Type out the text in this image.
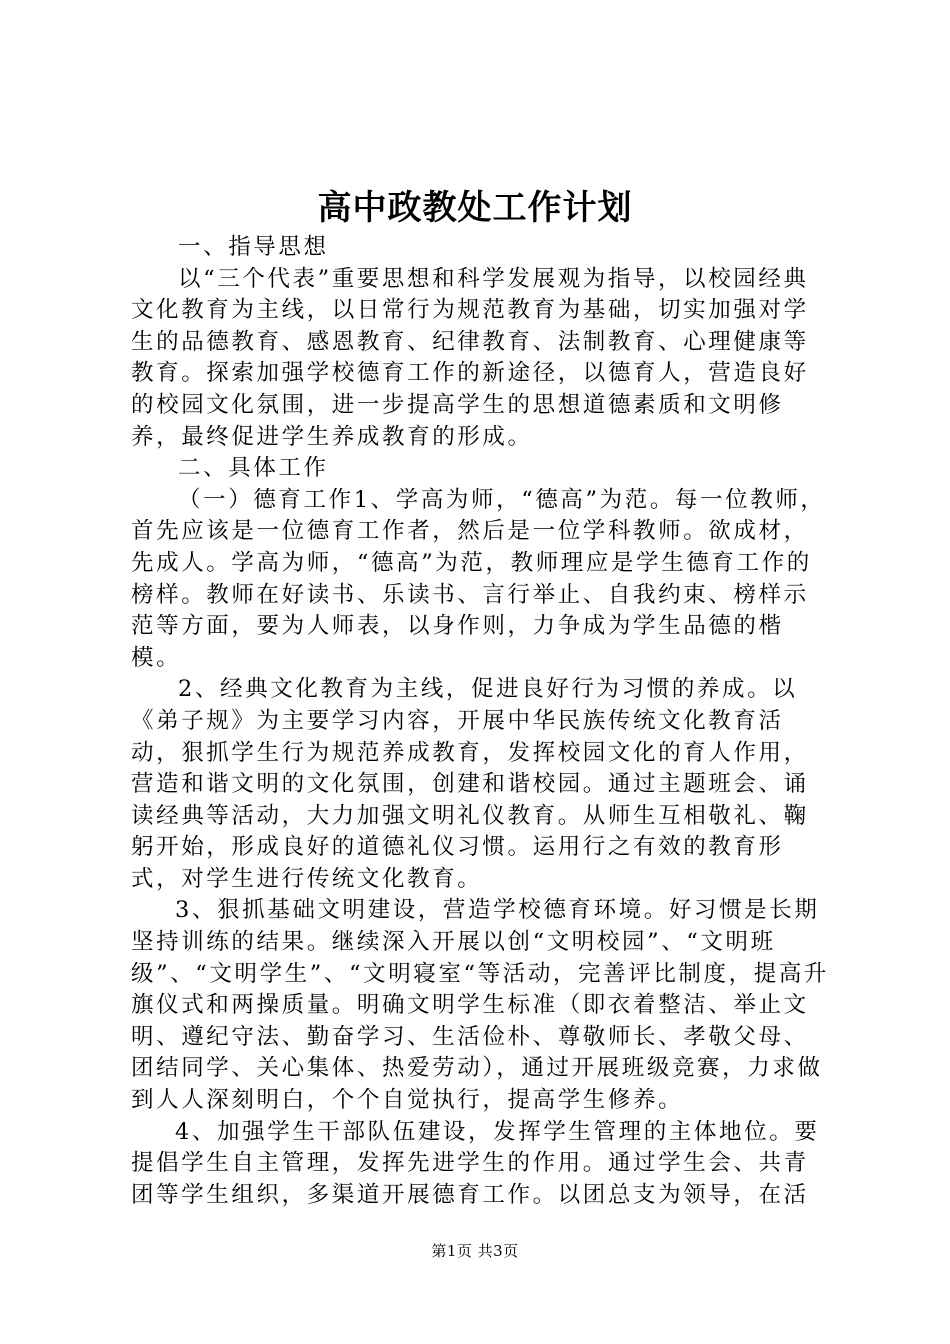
高中政教处工作计划

一、指导思想

以“三个代表”重要思想和科学发展观为指导，以校园经典文化教育为主线，以日常行为规范教育为基础，切实加强对学生的品德教育、感恩教育、纪律教育、法制教育、心理健康等教育。探索加强学校德育工作的新途径，以德育人，营造良好的校园文化氛围，进一步提高学生的思想道德素质和文明修养，最终促进学生养成教育的形成。

二、具体工作

（一）德育工作1、学高为师，“德高”为范。每一位教师，首先应该是一位德育工作者，然后是一位学科教师。欲成材，先成人。学高为师，“德高”为范，教师理应是学生德育工作的榜样。教师在好读书、乐读书、言行举止、自我约束、榜样示范等方面，要为人师表，以身作则，力争成为学生品德的楷模。

2、经典文化教育为主线，促进良好行为习惯的养成。以《弟子规》为主要学习内容，开展中华民族传统文化教育活动，狠抓学生行为规范养成教育，发挥校园文化的育人作用，营造和谐文明的文化氛围，创建和谐校园。通过主题班会、诵读经典等活动，大力加强文明礼仪教育。从师生互相敬礼、鞠躬开始，形成良好的道德礼仪习惯。运用行之有效的教育形式，对学生进行传统文化教育。

3、狠抓基础文明建设，营造学校德育环境。好习惯是长期坚持训练的结果。继续深入开展以创“文明校园”、“文明班级”、“文明学生”、“文明寝室“等活动，完善评比制度，提高升旗仪式和两操质量。明确文明学生标准（即衣着整洁、举止文明、遵纪守法、勤奋学习、生活俭朴、尊敬师长、孝敬父母、团结同学、关心集体、热爱劳动），通过开展班级竞赛，力求做到人人深刻明白，个个自觉执行，提高学生修养。

4、加强学生干部队伍建设，发挥学生管理的主体地位。要提倡学生自主管理，发挥先进学生的作用。通过学生会、共青团等学生组织，多渠道开展德育工作。以团总支为领导，在活

第1页 共3页
